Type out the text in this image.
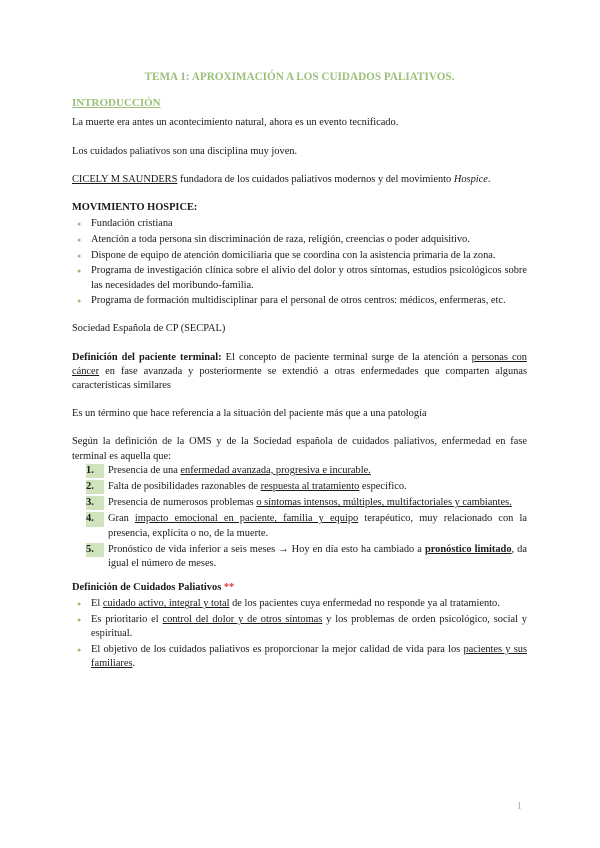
TEMA 1: APROXIMACIÓN A LOS CUIDADOS PALIATIVOS.

INTRODUCCIÓN

La muerte era antes un acontecimiento natural, ahora es un evento tecnificado.

Los cuidados paliativos son una disciplina muy joven.

CICELY M SAUNDERS fundadora de los cuidados paliativos modernos y del movimiento Hospice.

MOVIMIENTO HOSPICE:

● Fundación cristiana
● Atención a toda persona sin discriminación de raza, religión, creencias o poder adquisitivo.
● Dispone de equipo de atención domiciliaria que se coordina con la asistencia primaria de la zona.
● Programa de investigación clínica sobre el alivio del dolor y otros síntomas, estudios psicológicos sobre las necesidades del moribundo-familia.
● Programa de formación multidisciplinar para el personal de otros centros: médicos, enfermeras, etc.

Sociedad Española de CP (SECPAL)

Definición del paciente terminal: El concepto de paciente terminal surge de la atención a personas con cáncer en fase avanzada y posteriormente se extendió a otras enfermedades que comparten algunas características similares

Es un término que hace referencia a la situación del paciente más que a una patología

Según la definición de la OMS y de la Sociedad española de cuidados paliativos, enfermedad en fase terminal es aquella que:

1.	Presencia de una enfermedad avanzada, progresiva e incurable.
2.	Falta de posibilidades razonables de respuesta al tratamiento específico.
3.	Presencia de numerosos problemas o síntomas intensos, múltiples, multifactoriales y cambiantes.
4.	Gran impacto emocional en paciente, familia y equipo terapéutico, muy relacionado con la presencia, explícita o no, de la muerte.
5.	Pronóstico de vida inferior a seis meses → Hoy en día esto ha cambiado a pronóstico limitado, da igual el número de meses.

Definición de Cuidados Paliativos **

● El cuidado activo, integral y total de los pacientes cuya enfermedad no responde ya al tratamiento.
● Es prioritario el control del dolor y de otros síntomas y los problemas de orden psicológico, social y espiritual.
● El objetivo de los cuidados paliativos es proporcionar la mejor calidad de vida para los pacientes y sus familiares.
1
